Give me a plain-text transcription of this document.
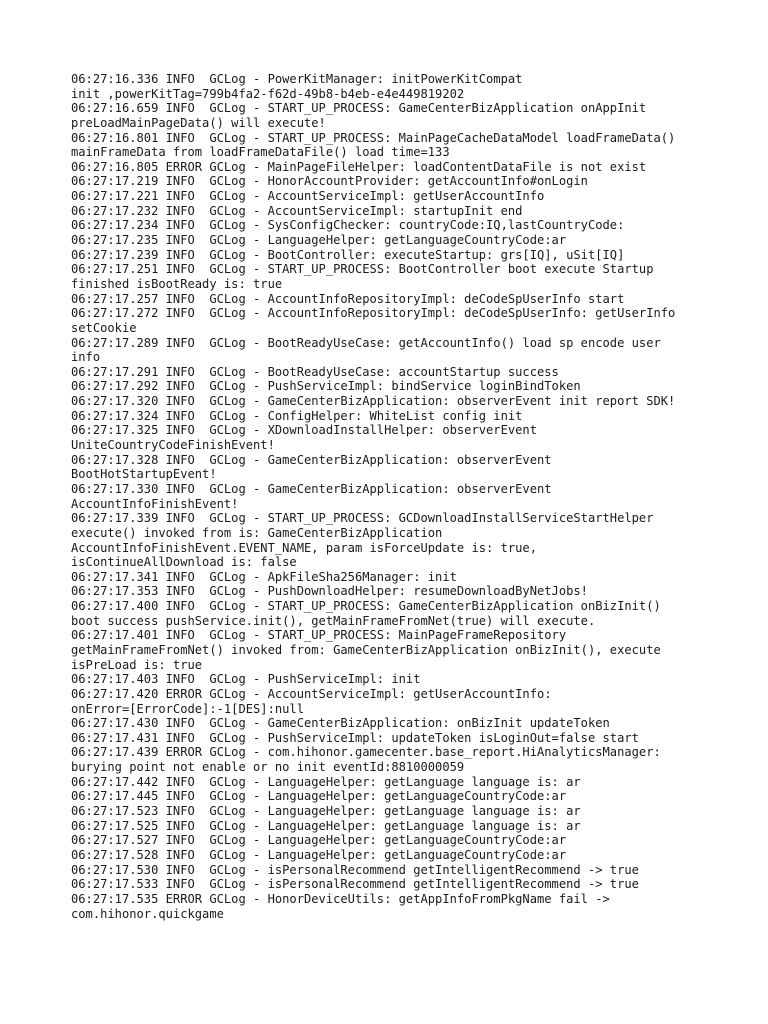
06:27:16.336 INFO  GCLog - PowerKitManager: initPowerKitCompat
init ,powerKitTag=799b4fa2-f62d-49b8-b4eb-e4e449819202
06:27:16.659 INFO  GCLog - START_UP_PROCESS: GameCenterBizApplication onAppInit
preLoadMainPageData() will execute!
06:27:16.801 INFO  GCLog - START_UP_PROCESS: MainPageCacheDataModel loadFrameData()
mainFrameData from loadFrameDataFile() load time=133
06:27:16.805 ERROR GCLog - MainPageFileHelper: loadContentDataFile is not exist
06:27:17.219 INFO  GCLog - HonorAccountProvider: getAccountInfo#onLogin
06:27:17.221 INFO  GCLog - AccountServiceImpl: getUserAccountInfo
06:27:17.232 INFO  GCLog - AccountServiceImpl: startupInit end
06:27:17.234 INFO  GCLog - SysConfigChecker: countryCode:IQ,lastCountryCode:
06:27:17.235 INFO  GCLog - LanguageHelper: getLanguageCountryCode:ar
06:27:17.239 INFO  GCLog - BootController: executeStartup: grs[IQ], uSit[IQ]
06:27:17.251 INFO  GCLog - START_UP_PROCESS: BootController boot execute Startup
finished isBootReady is: true
06:27:17.257 INFO  GCLog - AccountInfoRepositoryImpl: deCodeSpUserInfo start
06:27:17.272 INFO  GCLog - AccountInfoRepositoryImpl: deCodeSpUserInfo: getUserInfo
setCookie
06:27:17.289 INFO  GCLog - BootReadyUseCase: getAccountInfo() load sp encode user
info
06:27:17.291 INFO  GCLog - BootReadyUseCase: accountStartup success
06:27:17.292 INFO  GCLog - PushServiceImpl: bindService loginBindToken
06:27:17.320 INFO  GCLog - GameCenterBizApplication: observerEvent init report SDK!
06:27:17.324 INFO  GCLog - ConfigHelper: WhiteList config init
06:27:17.325 INFO  GCLog - XDownloadInstallHelper: observerEvent
UniteCountryCodeFinishEvent!
06:27:17.328 INFO  GCLog - GameCenterBizApplication: observerEvent
BootHotStartupEvent!
06:27:17.330 INFO  GCLog - GameCenterBizApplication: observerEvent
AccountInfoFinishEvent!
06:27:17.339 INFO  GCLog - START_UP_PROCESS: GCDownloadInstallServiceStartHelper
execute() invoked from is: GameCenterBizApplication
AccountInfoFinishEvent.EVENT_NAME, param isForceUpdate is: true,
isContinueAllDownload is: false
06:27:17.341 INFO  GCLog - ApkFileSha256Manager: init
06:27:17.353 INFO  GCLog - PushDownloadHelper: resumeDownloadByNetJobs!
06:27:17.400 INFO  GCLog - START_UP_PROCESS: GameCenterBizApplication onBizInit()
boot success pushService.init(), getMainFrameFromNet(true) will execute.
06:27:17.401 INFO  GCLog - START_UP_PROCESS: MainPageFrameRepository
getMainFrameFromNet() invoked from: GameCenterBizApplication onBizInit(), execute
isPreLoad is: true
06:27:17.403 INFO  GCLog - PushServiceImpl: init
06:27:17.420 ERROR GCLog - AccountServiceImpl: getUserAccountInfo:
onError=[ErrorCode]:-1[DES]:null
06:27:17.430 INFO  GCLog - GameCenterBizApplication: onBizInit updateToken
06:27:17.431 INFO  GCLog - PushServiceImpl: updateToken isLoginOut=false start
06:27:17.439 ERROR GCLog - com.hihonor.gamecenter.base_report.HiAnalyticsManager:
burying point not enable or no init eventId:8810000059
06:27:17.442 INFO  GCLog - LanguageHelper: getLanguage language is: ar
06:27:17.445 INFO  GCLog - LanguageHelper: getLanguageCountryCode:ar
06:27:17.523 INFO  GCLog - LanguageHelper: getLanguage language is: ar
06:27:17.525 INFO  GCLog - LanguageHelper: getLanguage language is: ar
06:27:17.527 INFO  GCLog - LanguageHelper: getLanguageCountryCode:ar
06:27:17.528 INFO  GCLog - LanguageHelper: getLanguageCountryCode:ar
06:27:17.530 INFO  GCLog - isPersonalRecommend getIntelligentRecommend -> true
06:27:17.533 INFO  GCLog - isPersonalRecommend getIntelligentRecommend -> true
06:27:17.535 ERROR GCLog - HonorDeviceUtils: getAppInfoFromPkgName fail ->
com.hihonor.quickgame
